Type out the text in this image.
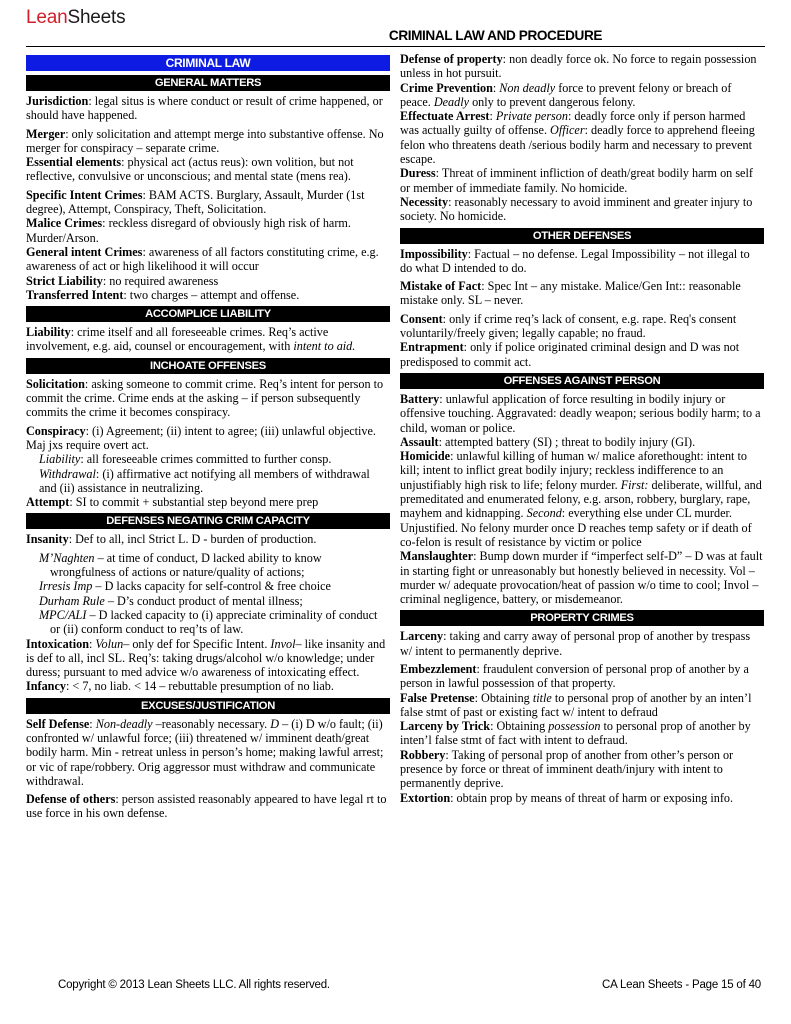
LeanSheets
CRIMINAL LAW AND PROCEDURE
CRIMINAL LAW
GENERAL MATTERS

Jurisdiction: legal situs is where conduct or result of crime happened, or should have happened.

Merger: only solicitation and attempt merge into substantive offense. No merger for conspiracy – separate crime.

Essential elements: physical act (actus reus): own volition, but not reflective, convulsive or unconscious; and mental state (mens rea).

Specific Intent Crimes: BAM ACTS. Burglary, Assault, Murder (1st degree), Attempt, Conspiracy, Theft, Solicitation.

Malice Crimes: reckless disregard of obviously high risk of harm. Murder/Arson.

General intent Crimes: awareness of all factors constituting crime, e.g. awareness of act or high likelihood it will occur

Strict Liability: no required awareness

Transferred Intent: two charges – attempt and offense.

ACCOMPLICE LIABILITY

Liability: crime itself and all foreseeable crimes. Req’s active involvement, e.g. aid, counsel or encouragement, with intent to aid.

INCHOATE OFFENSES

Solicitation: asking someone to commit crime. Req’s intent for person to commit the crime. Crime ends at the asking – if person subsequently commits the crime it becomes conspiracy.

Conspiracy: (i) Agreement; (ii) intent to agree; (iii) unlawful objective. Maj jxs require overt act.

Liability: all foreseeable crimes committed to further consp.

Withdrawal: (i) affirmative act notifying all members of withdrawal and (ii) assistance in neutralizing.

Attempt: SI to commit + substantial step beyond mere prep

DEFENSES NEGATING CRIM CAPACITY

Insanity: Def to all, incl Strict L. D - burden of production.

M’Naghten – at time of conduct, D lacked ability to know wrongfulness of actions or nature/quality of actions;

Irresis Imp – D lacks capacity for self-control & free choice

Durham Rule – D’s conduct product of mental illness;

MPC/ALI – D lacked capacity to (i) appreciate criminality of conduct or (ii) conform conduct to req’ts of law.

Intoxication: Volun– only def for Specific Intent. Invol– like insanity and is def to all, incl SL. Req’s: taking drugs/alcohol w/o knowledge; under duress; pursuant to med advice w/o awareness of intoxicating effect.

Infancy: < 7, no liab. < 14 – rebuttable presumption of no liab.

EXCUSES/JUSTIFICATION

Self Defense: Non-deadly –reasonably necessary. D – (i) D w/o fault; (ii) confronted w/ unlawful force; (iii) threatened w/ imminent death/great bodily harm. Min - retreat unless in person’s home; making lawful arrest; or vic of rape/robbery. Orig aggressor must withdraw and communicate withdrawal.

Defense of others: person assisted reasonably appeared to have legal rt to use force in his own defense.

Defense of property: non deadly force ok. No force to regain possession unless in hot pursuit.

Crime Prevention: Non deadly force to prevent felony or breach of peace. Deadly only to prevent dangerous felony.

Effectuate Arrest: Private person: deadly force only if person harmed was actually guilty of offense. Officer: deadly force to apprehend fleeing felon who threatens death /serious bodily harm and necessary to prevent escape.

Duress: Threat of imminent infliction of death/great bodily harm on self or member of immediate family. No homicide.

Necessity: reasonably necessary to avoid imminent and greater injury to society. No homicide.

OTHER DEFENSES

Impossibility: Factual – no defense. Legal Impossibility – not illegal to do what D intended to do.

Mistake of Fact: Spec Int – any mistake. Malice/Gen Int:: reasonable mistake only. SL – never.

Consent: only if crime req’s lack of consent, e.g. rape. Req's consent voluntarily/freely given; legally capable; no fraud.

Entrapment: only if police originated criminal design and D was not predisposed to commit act.

OFFENSES AGAINST PERSON

Battery: unlawful application of force resulting in bodily injury or offensive touching. Aggravated: deadly weapon; serious bodily harm; to a child, woman or police.

Assault: attempted battery (SI) ; threat to bodily injury (GI).

Homicide: unlawful killing of human w/ malice aforethought: intent to kill; intent to inflict great bodily injury; reckless indifference to an unjustifiably high risk to life; felony murder. First: deliberate, willful, and premeditated and enumerated felony, e.g. arson, robbery, burglary, rape, mayhem and kidnapping. Second: everything else under CL murder. Unjustified. No felony murder once D reaches temp safety or if death of co-felon is result of resistance by victim or police

Manslaughter: Bump down murder if “imperfect self-D” – D was at fault in starting fight or unreasonably but honestly believed in necessity. Vol – murder w/ adequate provocation/heat of passion w/o time to cool; Invol – criminal negligence, battery, or misdemeanor.

PROPERTY CRIMES

Larceny: taking and carry away of personal prop of another by trespass w/ intent to permanently deprive.

Embezzlement: fraudulent conversion of personal prop of another by a person in lawful possession of that property.

False Pretense: Obtaining title to personal prop of another by an inten’l false stmt of past or existing fact w/ intent to defraud

Larceny by Trick: Obtaining possession to personal prop of another by inten’l false stmt of fact with intent to defraud.

Robbery: Taking of personal prop of another from other’s person or presence by force or threat of imminent death/injury with intent to permanently deprive.

Extortion: obtain prop by means of threat of harm or exposing info.

Copyright © 2013 Lean Sheets LLC. All rights reserved.	CA Lean Sheets - Page 15 of 40
